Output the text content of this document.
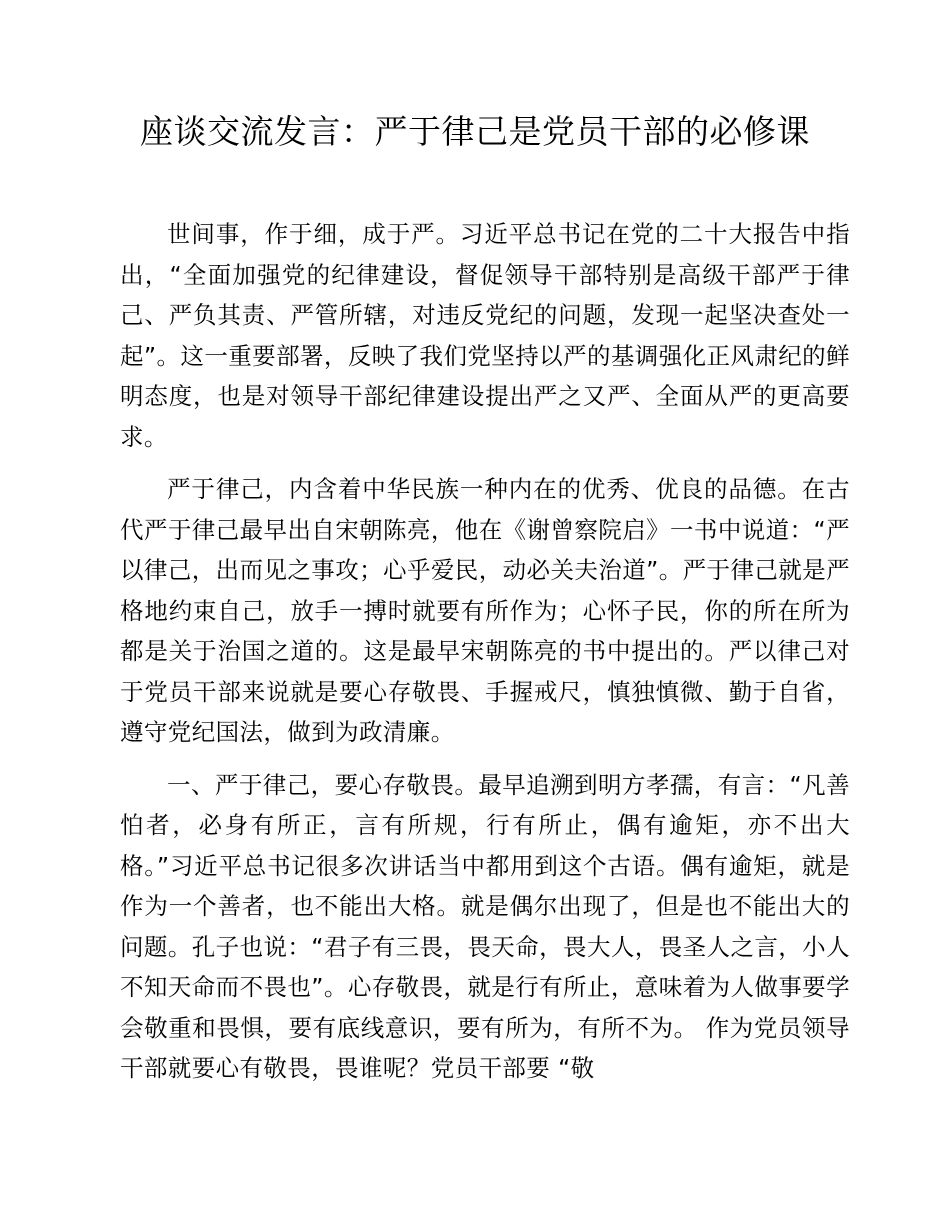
座谈交流发言：严于律己是党员干部的必修课

世间事，作于细，成于严。习近平总书记在党的二十大报告中指出，“全面加强党的纪律建设，督促领导干部特别是高级干部严于律己、严负其责、严管所辖，对违反党纪的问题，发现一起坚决查处一起”。这一重要部署，反映了我们党坚持以严的基调强化正风肃纪的鲜明态度，也是对领导干部纪律建设提出严之又严、全面从严的更高要求。

严于律己，内含着中华民族一种内在的优秀、优良的品德。在古代严于律己最早出自宋朝陈亮，他在《谢曾察院启》一书中说道：“严以律己，出而见之事攻；心乎爱民，动必关夫治道”。严于律己就是严格地约束自己，放手一搏时就要有所作为；心怀子民，你的所在所为都是关于治国之道的。这是最早宋朝陈亮的书中提出的。严以律己对于党员干部来说就是要心存敬畏、手握戒尺，慎独慎微、勤于自省，遵守党纪国法，做到为政清廉。

一、严于律己，要心存敬畏。最早追溯到明方孝孺，有言：“凡善怕者，必身有所正，言有所规，行有所止，偶有逾矩，亦不出大格。”习近平总书记很多次讲话当中都用到这个古语。偶有逾矩，就是作为一个善者，也不能出大格。就是偶尔出现了，但是也不能出大的问题。孔子也说：“君子有三畏，畏天命，畏大人，畏圣人之言，小人不知天命而不畏也”。心存敬畏，就是行有所止，意味着为人做事要学会敬重和畏惧，要有底线意识，要有所为，有所不为。 作为党员领导干部就要心有敬畏，畏谁呢？党员干部要 “敬
